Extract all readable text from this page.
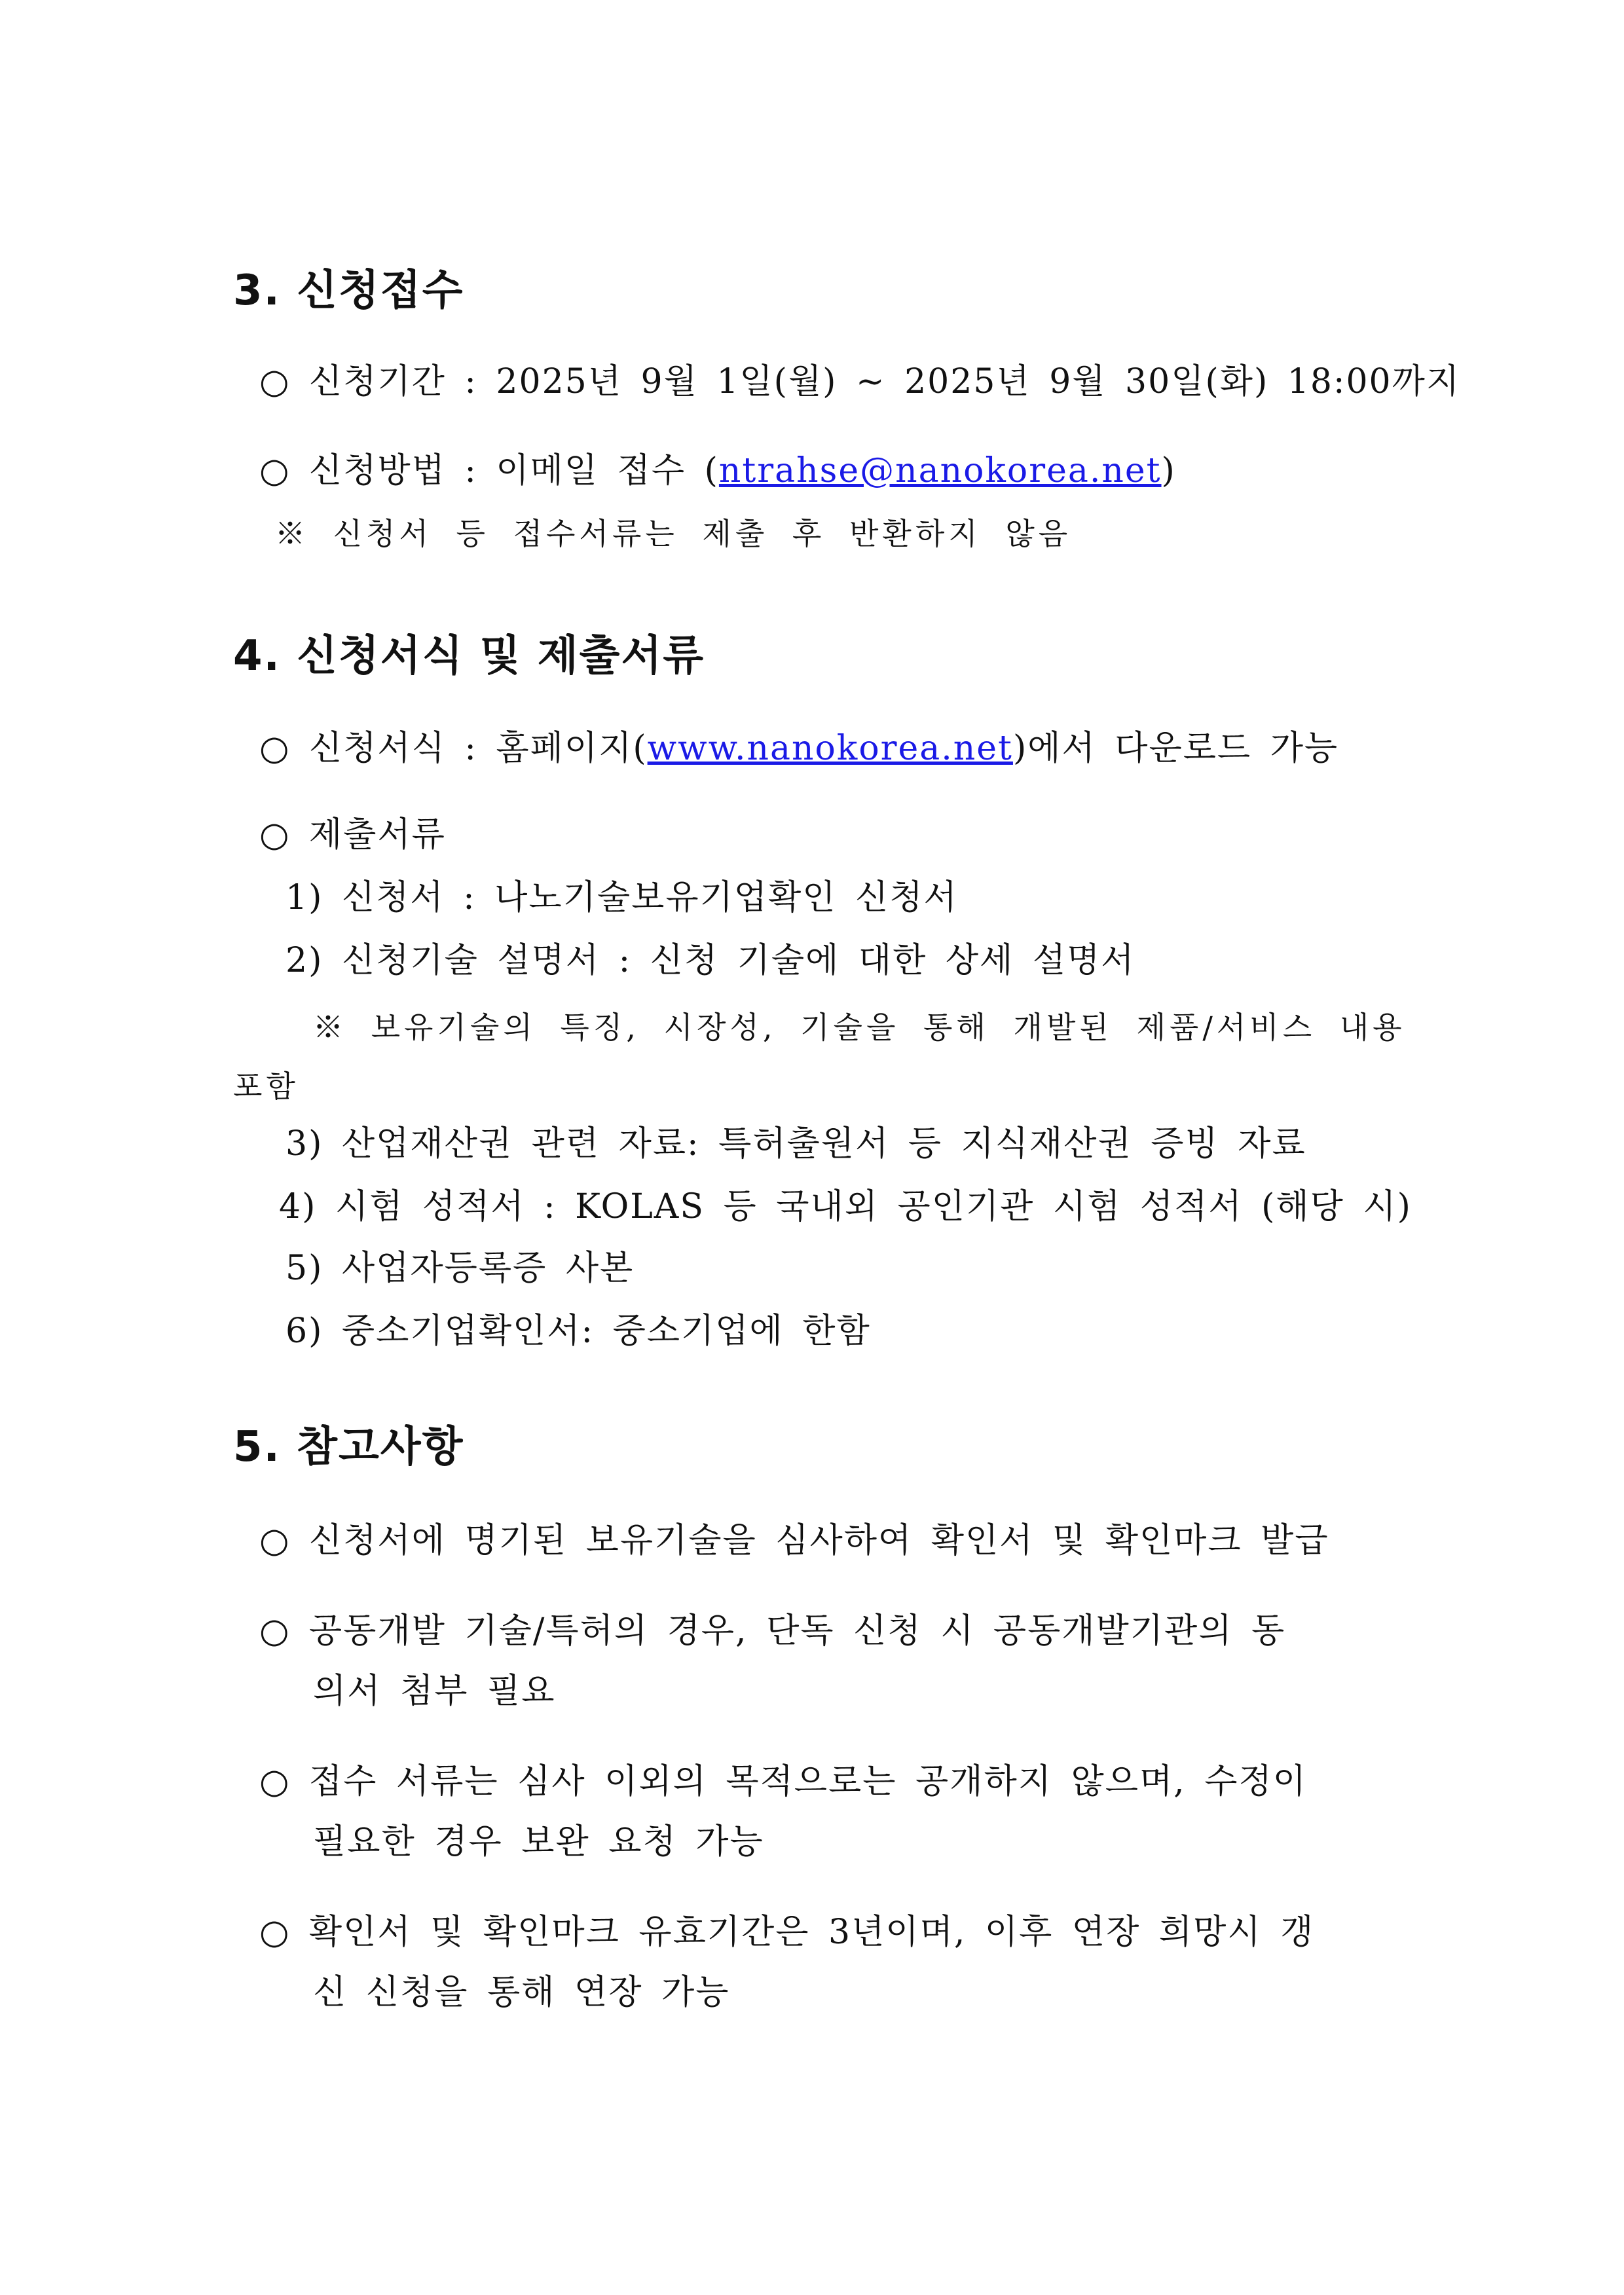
3. 신청접수
○ 신청기간 : 2025년 9월 1일(월) ~ 2025년 9월 30일(화) 18:00까지
○ 신청방법 : 이메일 접수 (ntrahse@nanokorea.net)
※ 신청서 등 접수서류는 제출 후 반환하지 않음
4. 신청서식 및 제출서류
○ 신청서식 : 홈페이지(www.nanokorea.net)에서 다운로드 가능
○ 제출서류
1) 신청서 : 나노기술보유기업확인 신청서
2) 신청기술 설명서 : 신청 기술에 대한 상세 설명서
※ 보유기술의 특징, 시장성, 기술을 통해 개발된 제품/서비스 내용
포함
3) 산업재산권 관련 자료: 특허출원서 등 지식재산권 증빙 자료
4) 시험 성적서 : KOLAS 등 국내외 공인기관 시험 성적서 (해당 시)
5) 사업자등록증 사본
6) 중소기업확인서: 중소기업에 한함
5. 참고사항
○ 신청서에 명기된 보유기술을 심사하여 확인서 및 확인마크 발급
○ 공동개발 기술/특허의 경우, 단독 신청 시 공동개발기관의 동
의서 첨부 필요
○ 접수 서류는 심사 이외의 목적으로는 공개하지 않으며, 수정이
필요한 경우 보완 요청 가능
○ 확인서 및 확인마크 유효기간은 3년이며, 이후 연장 희망시 갱
신 신청을 통해 연장 가능
